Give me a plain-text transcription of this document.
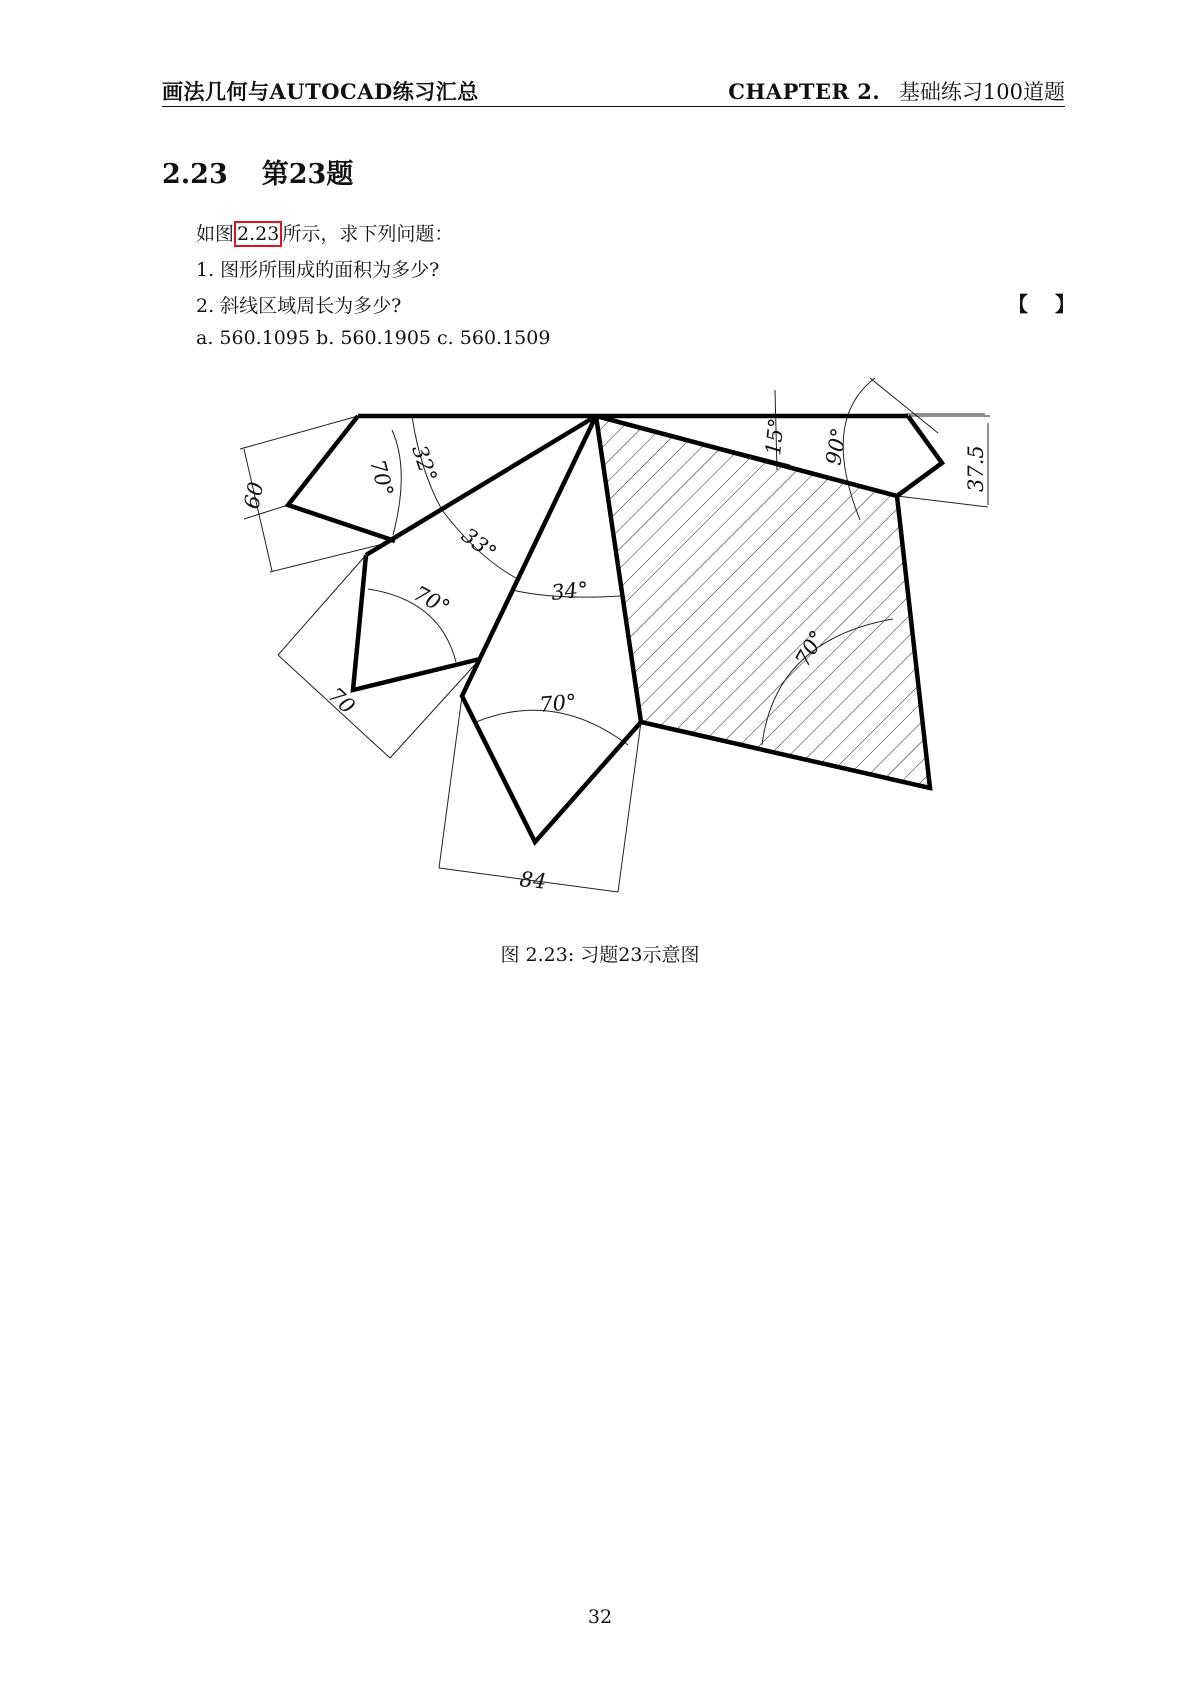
画法几何与AUTOCAD练习汇总	CHAPTER 2. 基础练习100道题
2.23 第23题
如图 2.23 所示，求下列问题：
1. 图形所围成的面积为多少?
2. 斜线区域周长为多少?	【 】
a. 560.1095 b. 560.1905 c. 560.1509
60	70° 32°
33°
34°
70°
70	70°
84
15° 90°	37.5
70°
图 2.23: 习题23示意图
32
